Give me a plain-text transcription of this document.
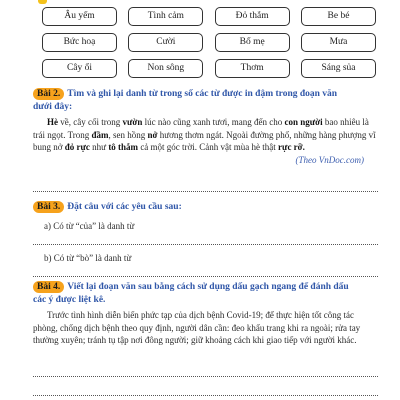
Âu yếm	Tình cảm	Đỏ thắm	Be bé
Bức hoạ	Cười	Bố mẹ	Mưa
Cây ổi	Non sông	Thơm	Sáng sủa
Bài 2. Tìm và ghi lại danh từ trong số các từ được in đậm trong đoạn văn
dưới đây:
Hè về, cây cối trong vườn lúc nào cũng xanh tươi, mang đến cho con người bao nhiêu là trái ngọt. Trong đầm, sen hồng nở hương thơm ngát. Ngoài đường phố, những hàng phượng vĩ bung nở đỏ rực như tô thắm cả một góc trời. Cảnh vật mùa hè thật rực rỡ.
(Theo VnDoc.com)
Bài 3. Đặt câu với các yêu cầu sau:
a) Có từ “của” là danh từ
b) Có từ “bò” là danh từ
Bài 4. Viết lại đoạn văn sau bằng cách sử dụng dấu gạch ngang để đánh dấu
các ý được liệt kê.
Trước tình hình diễn biến phức tạp của dịch bệnh Covid-19; để thực hiện tốt công tác phòng, chống dịch bệnh theo quy định, người dân cần: đeo khẩu trang khi ra ngoài; rửa tay thường xuyên; tránh tụ tập nơi đông người; giữ khoảng cách khi giao tiếp với người khác.
